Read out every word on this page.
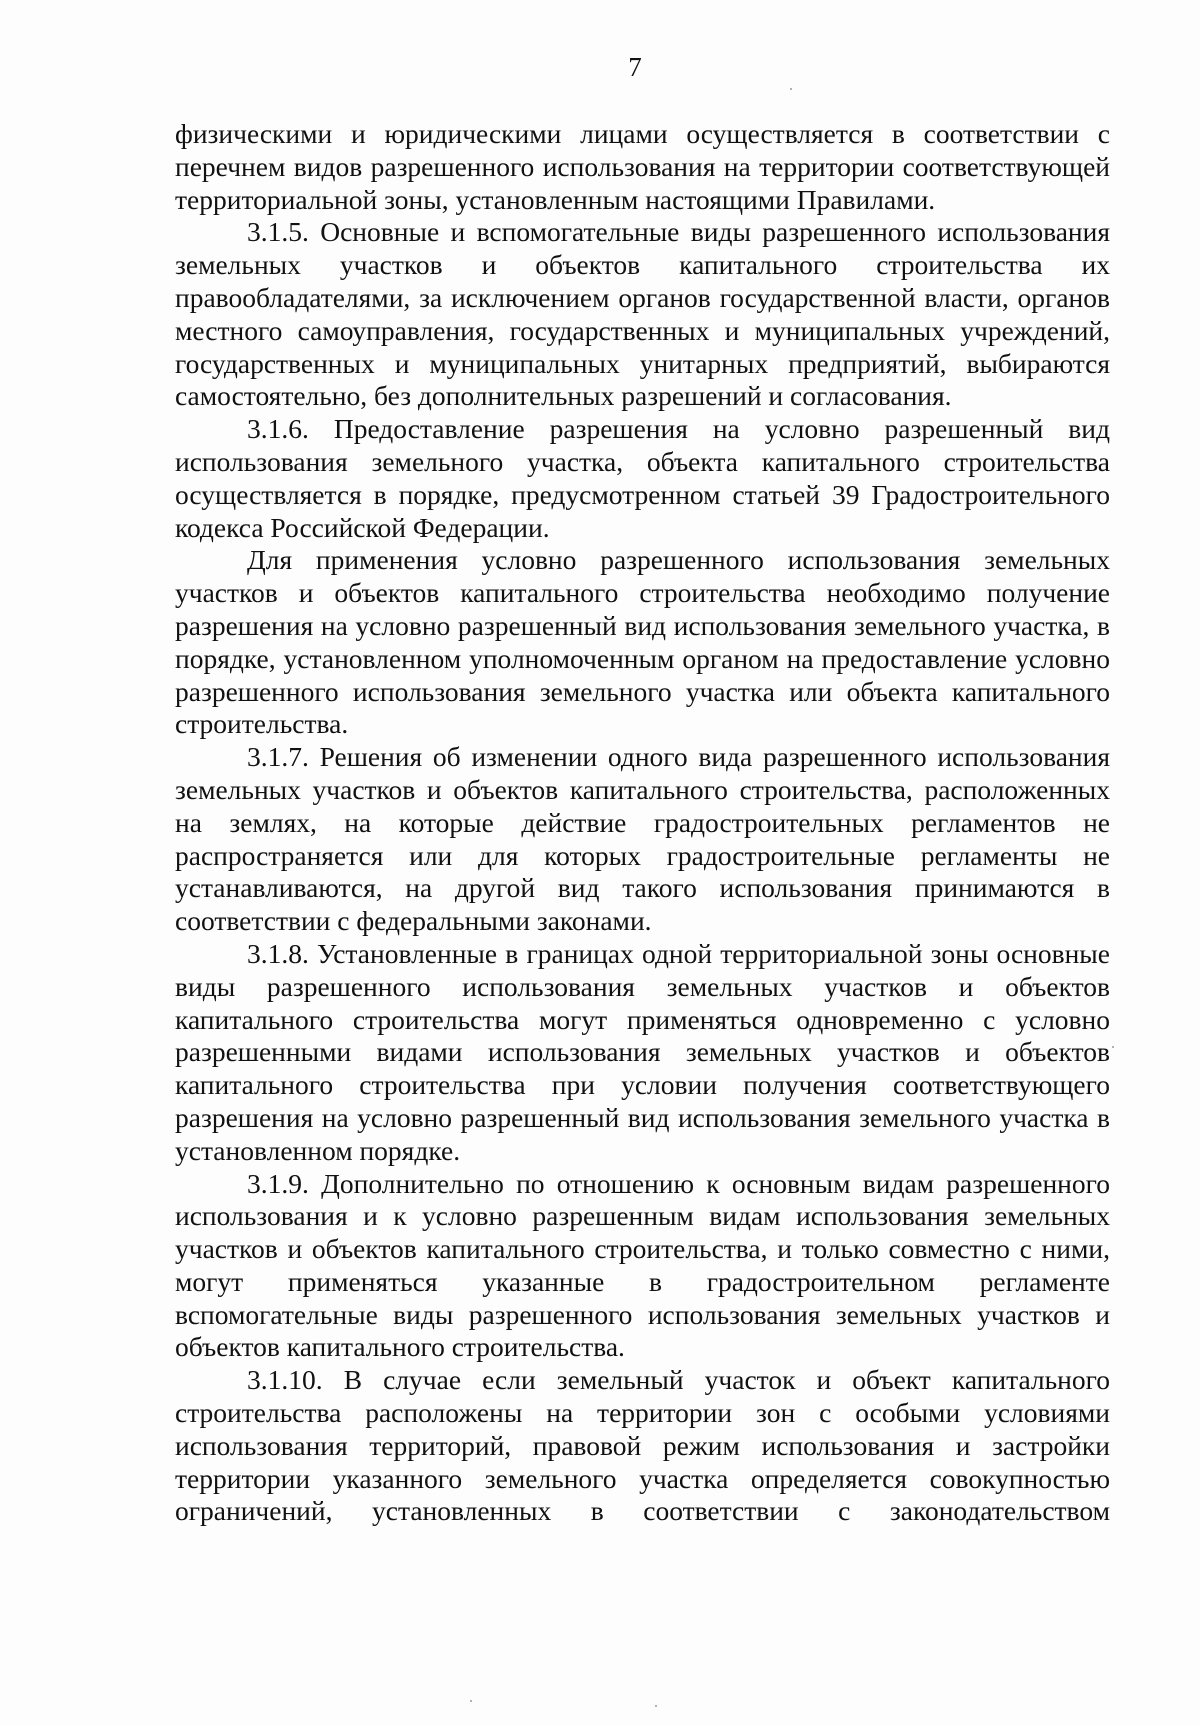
7

физическими и юридическими лицами осуществляется в соответствии с перечнем видов разрешенного использования на территории соответствующей территориальной зоны, установленным настоящими Правилами.

3.1.5. Основные и вспомогательные виды разрешенного использования земельных участков и объектов капитального строительства их правообладателями, за исключением органов государственной власти, органов местного самоуправления, государственных и муниципальных учреждений, государственных и муниципальных унитарных предприятий, выбираются самостоятельно, без дополнительных разрешений и согласования.

3.1.6. Предоставление разрешения на условно разрешенный вид использования земельного участка, объекта капитального строительства осуществляется в порядке, предусмотренном статьей 39 Градостроительного кодекса Российской Федерации.

Для применения условно разрешенного использования земельных участков и объектов капитального строительства необходимо получение разрешения на условно разрешенный вид использования земельного участка, в порядке, установленном уполномоченным органом на предоставление условно разрешенного использования земельного участка или объекта капитального строительства.

3.1.7. Решения об изменении одного вида разрешенного использования земельных участков и объектов капитального строительства, расположенных на землях, на которые действие градостроительных регламентов не распространяется или для которых градостроительные регламенты не устанавливаются, на другой вид такого использования принимаются в соответствии с федеральными законами.

3.1.8. Установленные в границах одной территориальной зоны основные виды разрешенного использования земельных участков и объектов капитального строительства могут применяться одновременно с условно разрешенными видами использования земельных участков и объектов капитального строительства при условии получения соответствующего разрешения на условно разрешенный вид использования земельного участка в установленном порядке.

3.1.9. Дополнительно по отношению к основным видам разрешенного использования и к условно разрешенным видам использования земельных участков и объектов капитального строительства, и только совместно с ними, могут применяться указанные в градостроительном регламенте вспомогательные виды разрешенного использования земельных участков и объектов капитального строительства.

3.1.10. В случае если земельный участок и объект капитального строительства расположены на территории зон с особыми условиями использования территорий, правовой режим использования и застройки территории указанного земельного участка определяется совокупностью ограничений, установленных в соответствии с законодательством
